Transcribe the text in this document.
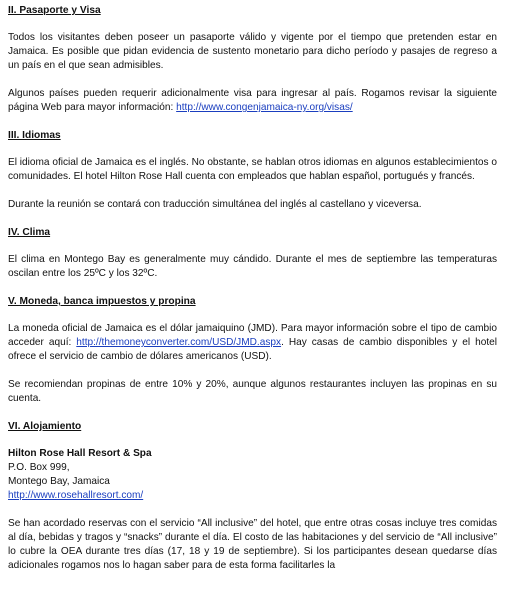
II. Pasaporte y Visa

Todos los visitantes deben poseer un pasaporte válido y vigente por el tiempo que pretenden estar en Jamaica. Es posible que pidan evidencia de sustento monetario para dicho período y pasajes de regreso a un país en el que sean admisibles.

Algunos países pueden requerir adicionalmente visa para ingresar al país. Rogamos revisar la siguiente página Web para mayor información: http://www.congenjamaica-ny.org/visas/

III. Idiomas

El idioma oficial de Jamaica es el inglés. No obstante, se hablan otros idiomas en algunos establecimientos o comunidades. El hotel Hilton Rose Hall cuenta con empleados que hablan español, portugués y francés.

Durante la reunión se contará con traducción simultánea del inglés al castellano y viceversa.

IV. Clima

El clima en Montego Bay es generalmente muy cándido. Durante el mes de septiembre las temperaturas oscilan entre los 25ºC y los 32ºC.

V. Moneda, banca impuestos y propina

La moneda oficial de Jamaica es el dólar jamaiquino (JMD). Para mayor información sobre el tipo de cambio acceder aquí: http://themoneyconverter.com/USD/JMD.aspx. Hay casas de cambio disponibles y el hotel ofrece el servicio de cambio de dólares americanos (USD).

Se recomiendan propinas de entre 10% y 20%, aunque algunos restaurantes incluyen las propinas en su cuenta.

VI. Alojamiento
Hilton Rose Hall Resort & Spa
P.O. Box 999,
Montego Bay, Jamaica
http://www.rosehallresort.com/

Se han acordado reservas con el servicio “All inclusive” del hotel, que entre otras cosas incluye tres comidas al día, bebidas y tragos y “snacks” durante el día. El costo de las habitaciones y del servicio de “All inclusive” lo cubre la OEA durante tres días (17, 18 y 19 de septiembre). Si los participantes desean quedarse días adicionales rogamos nos lo hagan saber para de esta forma facilitarles la
